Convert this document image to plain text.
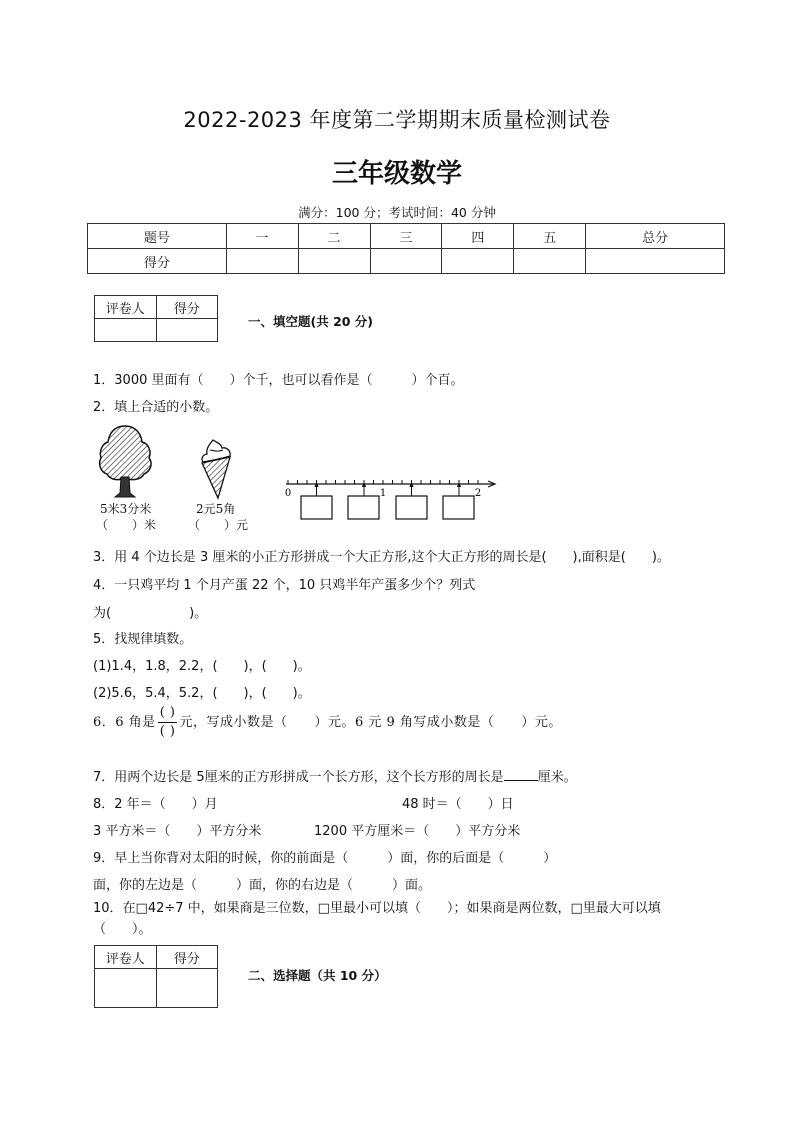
2022-2023 年度第二学期期末质量检测试卷
三年级数学
满分：100 分；考试时间：40 分钟
题号	一	二	三	四	五	总分
得分						
评卷人	得分

一、填空题(共 20 分)
1．3000 里面有（　　）个千，也可以看作是（　　　）个百。
2．填上合适的小数。
5米3分米
（　　）米
2元5角
（　　）元
0	1	2
3．用 4 个边长是 3 厘米的小正方形拼成一个大正方形,这个大正方形的周长是(　　),面积是(　　)。
4．一只鸡平均 1 个月产蛋 22 个，10 只鸡半年产蛋多少个？列式
为(　　　　　　)。
5．找规律填数。
(1)1.4，1.8，2.2，(　　)，(　　)。
(2)5.6，5.4，5.2，(　　)，(　　)。
6．6 角是 $\frac{( )}{( )}$ 元，写成小数是（　　）元。6 元 9 角写成小数是（　　）元。
7．用两个边长是 5厘米的正方形拼成一个长方形，这个长方形的周长是	厘米。
8．2 年＝（　　）月	48 时＝（　　）日
3 平方米＝（　　）平方分米	1200 平方厘米＝（　　）平方分米
9．早上当你背对太阳的时候，你的前面是（　　　）面，你的后面是（　　　）
面，你的左边是（　　　）面，你的右边是（　　　）面。
10．在□42÷7 中，如果商是三位数，□里最小可以填（　　）；如果商是两位数，□里最大可以填
（　　）。
评卷人	得分

二、选择题（共 10 分）
